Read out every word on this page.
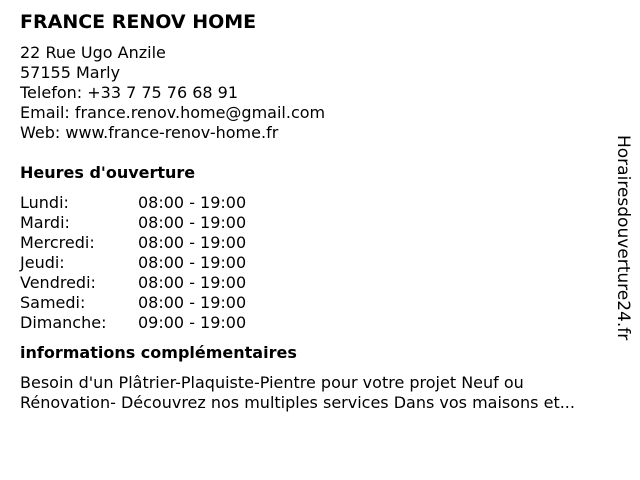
FRANCE RENOV HOME
22 Rue Ugo Anzile
57155 Marly
Telefon: +33 7 75 76 68 91
Email: france.renov.home@gmail.com
Web: www.france-renov-home.fr
Heures d'ouverture
Lundi:	08:00 - 19:00
Mardi:	08:00 - 19:00
Mercredi:	08:00 - 19:00
Jeudi:	08:00 - 19:00
Vendredi:	08:00 - 19:00
Samedi:	08:00 - 19:00
Dimanche:	09:00 - 19:00
informations complémentaires

Besoin d'un Plâtrier-Plaquiste-Pientre pour votre projet Neuf ou Rénovation- Découvrez nos multiples services Dans vos maisons et...

Horairesdouverture24.fr
